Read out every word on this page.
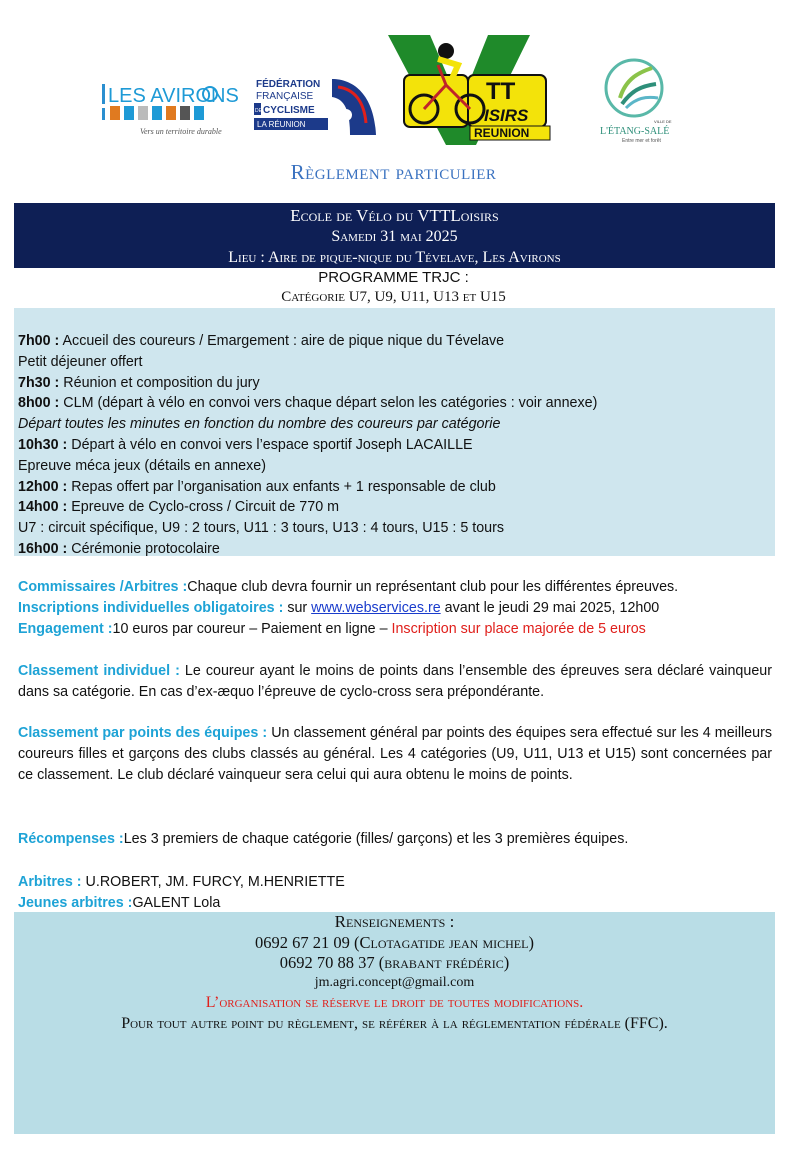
LES AVIRONS
Vers un territoire durable
FÉDÉRATION
FRANÇAISE
DE CYCLISME
LA RÉUNION
TT
ISIRS
REUNION
VILLE DE
L'ÉTANG-SALÉ
Entre mer et forêt
Règlement particulier
Ecole de Vélo du VTTLoisirs
Samedi 31 mai 2025
Lieu : Aire de pique-nique du Tévelave, Les Avirons
PROGRAMME TRJC :
Catégorie U7, U9, U11, U13 et U15
7h00 : Accueil des coureurs / Emargement : aire de pique nique du Tévelave
Petit déjeuner offert
7h30 : Réunion et composition du jury
8h00 : CLM (départ à vélo en convoi vers chaque départ selon les catégories : voir annexe)
Départ toutes les minutes en fonction du nombre des coureurs par catégorie
10h30 : Départ à vélo en convoi vers l’espace sportif Joseph LACAILLE
Epreuve méca jeux (détails en annexe)
12h00 : Repas offert par l’organisation aux enfants + 1 responsable de club
14h00 : Epreuve de Cyclo-cross / Circuit de 770 m
U7 : circuit spécifique, U9 : 2 tours, U11 : 3 tours, U13 : 4 tours, U15 : 5 tours
16h00 : Cérémonie protocolaire
Commissaires /Arbitres :Chaque club devra fournir un représentant club pour les différentes épreuves.
Inscriptions individuelles obligatoires : sur www.webservices.re avant le jeudi 29 mai 2025, 12h00
Engagement :10 euros par coureur – Paiement en ligne – Inscription sur place majorée de 5 euros
Classement individuel : Le coureur ayant le moins de points dans l’ensemble des épreuves sera déclaré vainqueur dans sa catégorie. En cas d’ex-æquo l’épreuve de cyclo-cross sera prépondérante.
Classement par points des équipes : Un classement général par points des équipes sera effectué sur les 4 meilleurs coureurs filles et garçons des clubs classés au général. Les 4 catégories (U9, U11, U13 et U15) sont concernées par ce classement. Le club déclaré vainqueur sera celui qui aura obtenu le moins de points.
Récompenses :Les 3 premiers de chaque catégorie (filles/ garçons) et les 3 premières équipes.
Arbitres : U.ROBERT, JM. FURCY, M.HENRIETTE
Jeunes arbitres :GALENT Lola
Renseignements :
0692 67 21 09 (Clotagatide jean michel)
0692 70 88 37 (brabant frédéric)
jm.agri.concept@gmail.com
L’organisation se réserve le droit de toutes modifications.
Pour tout autre point du règlement, se référer à la réglementation fédérale (FFC).
